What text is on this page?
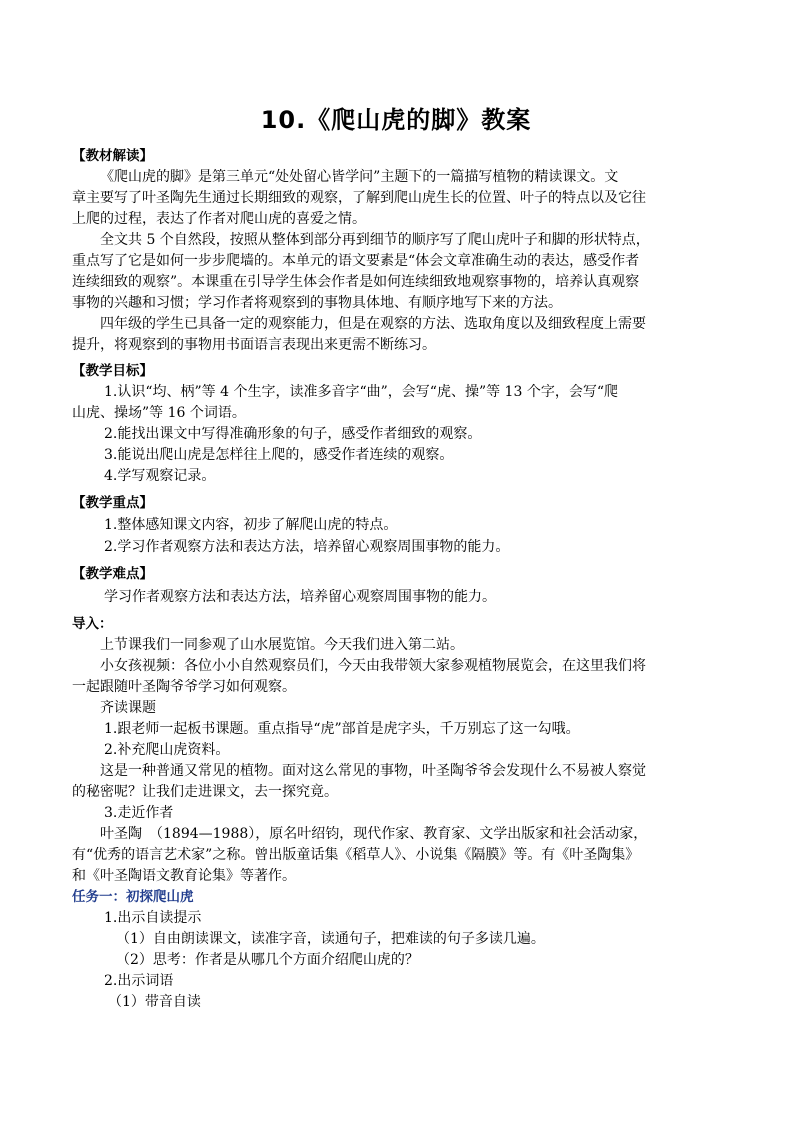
10.《爬山虎的脚》教案
【教材解读】
《爬山虎的脚》是第三单元“处处留心皆学问”主题下的一篇描写植物的精读课文。文
章主要写了叶圣陶先生通过长期细致的观察，了解到爬山虎生长的位置、叶子的特点以及它往
上爬的过程，表达了作者对爬山虎的喜爱之情。
全文共 5 个自然段，按照从整体到部分再到细节的顺序写了爬山虎叶子和脚的形状特点，
重点写了它是如何一步步爬墙的。本单元的语文要素是“体会文章准确生动的表达，感受作者
连续细致的观察”。本课重在引导学生体会作者是如何连续细致地观察事物的，培养认真观察
事物的兴趣和习惯；学习作者将观察到的事物具体地、有顺序地写下来的方法。
四年级的学生已具备一定的观察能力，但是在观察的方法、选取角度以及细致程度上需要
提升，将观察到的事物用书面语言表现出来更需不断练习。
【教学目标】
1.认识“均、柄”等 4 个生字，读准多音字“曲”，会写“虎、操”等 13 个字，会写“爬
山虎、操场”等 16 个词语。
2.能找出课文中写得准确形象的句子，感受作者细致的观察。
3.能说出爬山虎是怎样往上爬的，感受作者连续的观察。
4.学写观察记录。
【教学重点】
1.整体感知课文内容，初步了解爬山虎的特点。
2.学习作者观察方法和表达方法，培养留心观察周围事物的能力。
【教学难点】
学习作者观察方法和表达方法，培养留心观察周围事物的能力。
导入：
上节课我们一同参观了山水展览馆。今天我们进入第二站。
小女孩视频：各位小小自然观察员们，今天由我带领大家参观植物展览会，在这里我们将
一起跟随叶圣陶爷爷学习如何观察。
齐读课题
1.跟老师一起板书课题。重点指导“虎”部首是虎字头，千万别忘了这一勾哦。
2.补充爬山虎资料。
这是一种普通又常见的植物。面对这么常见的事物，叶圣陶爷爷会发现什么不易被人察觉
的秘密呢？让我们走进课文，去一探究竟。
3.走近作者
叶圣陶　（1894—1988），原名叶绍钧，现代作家、教育家、文学出版家和社会活动家，
有“优秀的语言艺术家”之称。曾出版童话集《稻草人》、小说集《隔膜》等。有《叶圣陶集》
和《叶圣陶语文教育论集》等著作。
任务一：初探爬山虎
1.出示自读提示
（1）自由朗读课文，读准字音，读通句子，把难读的句子多读几遍。
（2）思考：作者是从哪几个方面介绍爬山虎的？
2.出示词语
（1）带音自读
